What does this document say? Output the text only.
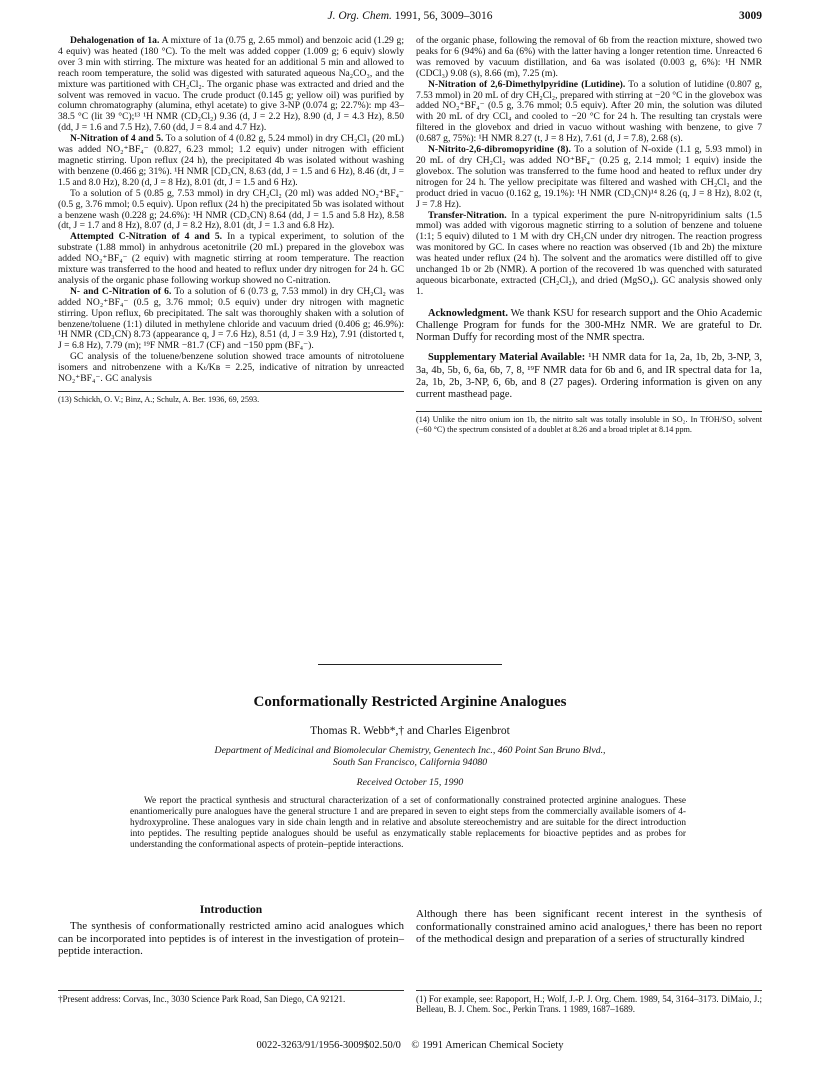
J. Org. Chem. 1991, 56, 3009–3016	3009

Dehalogenation of 1a. A mixture of 1a (0.75 g, 2.65 mmol) and benzoic acid (1.29 g; 4 equiv) was heated (180 °C). To the melt was added copper (1.009 g; 6 equiv) slowly over 3 min with stirring. The mixture was heated for an additional 5 min and allowed to reach room temperature, the solid was digested with saturated aqueous Na₂CO₃, and the mixture was partitioned with CH₂Cl₂. The organic phase was extracted and dried and the solvent was removed in vacuo. The crude product (0.145 g; yellow oil) was purified by column chromatography (alumina, ethyl acetate) to give 3-NP (0.074 g; 22.7%): mp 43–38.5 °C (lit 39 °C);¹³ ¹H NMR (CD₂Cl₂) 9.36 (d, J = 2.2 Hz), 8.90 (d, J = 4.3 Hz), 8.50 (dd, J = 1.6 and 7.5 Hz), 7.60 (dd, J = 8.4 and 4.7 Hz).

N-Nitration of 4 and 5. To a solution of 4 (0.82 g, 5.24 mmol) in dry CH₂Cl₂ (20 mL) was added NO₂⁺BF₄⁻ (0.827, 6.23 mmol; 1.2 equiv) under nitrogen with efficient magnetic stirring. Upon reflux (24 h), the precipitated 4b was isolated without washing with benzene (0.466 g; 31%). ¹H NMR [CD₃CN, 8.63 (dd, J = 1.5 and 6 Hz), 8.46 (dt, J = 1.5 and 8.0 Hz), 8.20 (d, J = 8 Hz), 8.01 (dt, J = 1.5 and 6 Hz).

To a solution of 5 (0.85 g, 7.53 mmol) in dry CH₂Cl₂ (20 ml) was added NO₂⁺BF₄⁻ (0.5 g, 3.76 mmol; 0.5 equiv). Upon reflux (24 h) the precipitated 5b was isolated without a benzene wash (0.228 g; 24.6%): ¹H NMR (CD₃CN) 8.64 (dd, J = 1.5 and 5.8 Hz), 8.58 (dt, J = 1.7 and 8 Hz), 8.07 (d, J = 8.2 Hz), 8.01 (dt, J = 1.3 and 6.8 Hz).

Attempted C-Nitration of 4 and 5. In a typical experiment, to solution of the substrate (1.88 mmol) in anhydrous acetonitrile (20 mL) prepared in the glovebox was added NO₂⁺BF₄⁻ (2 equiv) with magnetic stirring at room temperature. The reaction mixture was transferred to the hood and heated to reflux under dry nitrogen for 24 h. GC analysis of the organic phase following workup showed no C-nitration.

N- and C-Nitration of 6. To a solution of 6 (0.73 g, 7.53 mmol) in dry CH₂Cl₂ was added NO₂⁺BF₄⁻ (0.5 g, 3.76 mmol; 0.5 equiv) under dry nitrogen with magnetic stirring. Upon reflux, 6b precipitated. The salt was thoroughly shaken with a solution of benzene/toluene (1:1) diluted in methylene chloride and vacuum dried (0.406 g; 46.9%): ¹H NMR (CD₃CN) 8.73 (appearance q, J = 7.6 Hz), 8.51 (d, J = 3.9 Hz), 7.91 (distorted t, J = 6.8 Hz), 7.79 (m); ¹⁹F NMR −81.7 (CF) and −150 ppm (BF₄⁻).

GC analysis of the toluene/benzene solution showed trace amounts of nitrotoluene isomers and nitrobenzene with a Kₜ/Kʙ = 2.25, indicative of nitration by unreacted NO₂⁺BF₄⁻. GC analysis

(13) Schickh, O. V.; Binz, A.; Schulz, A. Ber. 1936, 69, 2593.

of the organic phase, following the removal of 6b from the reaction mixture, showed two peaks for 6 (94%) and 6a (6%) with the latter having a longer retention time. Unreacted 6 was removed by vacuum distillation, and 6a was isolated (0.003 g, 6%): ¹H NMR (CDCl₃) 9.08 (s), 8.66 (m), 7.25 (m).

N-Nitration of 2,6-Dimethylpyridine (Lutidine). To a solution of lutidine (0.807 g, 7.53 mmol) in 20 mL of dry CH₂Cl₂, prepared with stirring at −20 °C in the glovebox was added NO₂⁺BF₄⁻ (0.5 g, 3.76 mmol; 0.5 equiv). After 20 min, the solution was diluted with 20 mL of dry CCl₄ and cooled to −20 °C for 24 h. The resulting tan crystals were filtered in the glovebox and dried in vacuo without washing with benzene, to give 7 (0.687 g, 75%): ¹H NMR 8.27 (t, J = 8 Hz), 7.61 (d, J = 7.8), 2.68 (s).

N-Nitrito-2,6-dibromopyridine (8). To a solution of N-oxide (1.1 g, 5.93 mmol) in 20 mL of dry CH₂Cl₂ was added NO⁺BF₄⁻ (0.25 g, 2.14 mmol; 1 equiv) inside the glovebox. The solution was transferred to the fume hood and heated to reflux under dry nitrogen for 24 h. The yellow precipitate was filtered and washed with CH₂Cl₂ and the product dried in vacuo (0.162 g, 19.1%): ¹H NMR (CD₃CN)¹⁴ 8.26 (q, J = 8 Hz), 8.02 (t, J = 7.8 Hz).

Transfer-Nitration. In a typical experiment the pure N-nitropyridinium salts (1.5 mmol) was added with vigorous magnetic stirring to a solution of benzene and toluene (1:1; 5 equiv) diluted to 1 M with dry CH₃CN under dry nitrogen. The reaction progress was monitored by GC. In cases where no reaction was observed (1b and 2b) the mixture was heated under reflux (24 h). The solvent and the aromatics were distilled off to give unchanged 1b or 2b (NMR). A portion of the recovered 1b was quenched with saturated aqueous bicarbonate, extracted (CH₂Cl₂), and dried (MgSO₄). GC analysis showed only 1.

Acknowledgment. We thank KSU for research support and the Ohio Academic Challenge Program for funds for the 300-MHz NMR. We are grateful to Dr. Norman Duffy for recording most of the NMR spectra.

Supplementary Material Available: ¹H NMR data for 1a, 2a, 1b, 2b, 3-NP, 3, 3a, 4b, 5b, 6, 6a, 6b, 7, 8, ¹⁹F NMR data for 6b and 6, and IR spectral data for 1a, 2a, 1b, 2b, 3-NP, 6, 6b, and 8 (27 pages). Ordering information is given on any current masthead page.

(14) Unlike the nitro onium ion 1b, the nitrito salt was totally insoluble in SO₂. In TfOH/SO₂ solvent (−60 °C) the spectrum consisted of a doublet at 8.26 and a broad triplet at 8.14 ppm.
Conformationally Restricted Arginine Analogues
Thomas R. Webb*,† and Charles Eigenbrot
Department of Medicinal and Biomolecular Chemistry, Genentech Inc., 460 Point San Bruno Blvd.,
South San Francisco, California 94080
Received October 15, 1990
We report the practical synthesis and structural characterization of a set of conformationally constrained protected arginine analogues. These enantiomerically pure analogues have the general structure 1 and are prepared in seven to eight steps from the commercially available isomers of 4-hydroxyproline. These analogues vary in side chain length and in relative and absolute stereochemistry and are suitable for the direct introduction into peptides. The resulting peptide analogues should be useful as enzymatically stable replacements for bioactive peptides and as probes for understanding the conformational aspects of protein–peptide interactions.
Introduction

The synthesis of conformationally restricted amino acid analogues which can be incorporated into peptides is of interest in the investigation of protein–peptide interaction.

Although there has been significant recent interest in the synthesis of conformationally constrained amino acid analogues,¹ there has been no report of the methodical design and preparation of a series of structurally kindred

†Present address: Corvas, Inc., 3030 Science Park Road, San Diego, CA 92121.	(1) For example, see: Rapoport, H.; Wolf, J.-P. J. Org. Chem. 1989, 54, 3164–3173. DiMaio, J.; Belleau, B. J. Chem. Soc., Perkin Trans. 1 1989, 1687–1689.
0022-3263/91/1956-3009$02.50/0 © 1991 American Chemical Society
